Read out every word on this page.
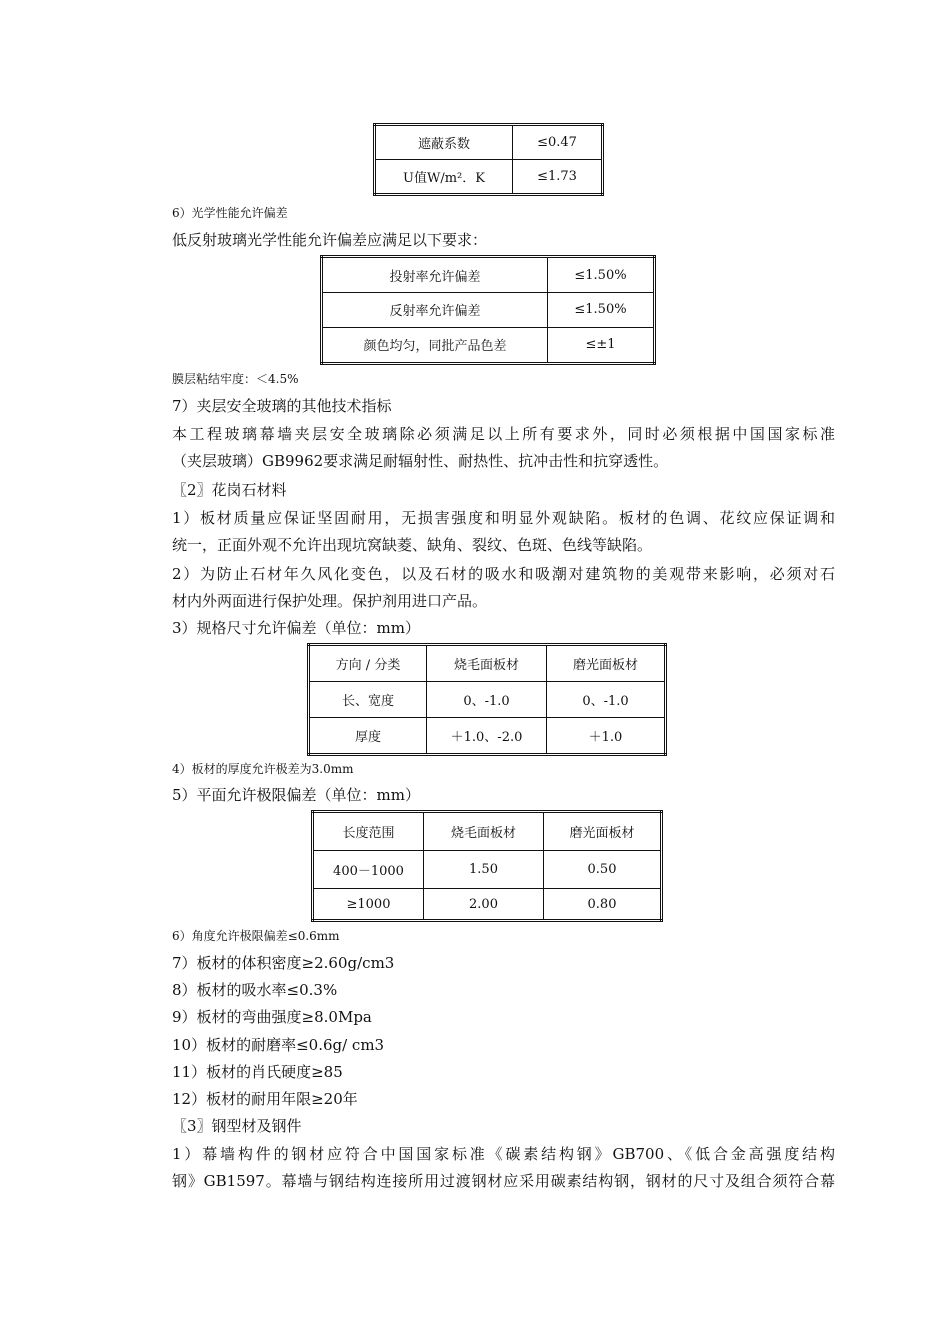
遮蔽系数	≤0.47
U值W/m²．K	≤1.73
6）光学性能允许偏差
低反射玻璃光学性能允许偏差应满足以下要求：
投射率允许偏差	≤1.50%
反射率允许偏差	≤1.50%
颜色均匀，同批产品色差	≤±1
膜层粘结牢度：＜4.5%
7）夹层安全玻璃的其他技术指标
本工程玻璃幕墙夹层安全玻璃除必须满足以上所有要求外，同时必须根据中国国家标准
（夹层玻璃）GB9962要求满足耐辐射性、耐热性、抗冲击性和抗穿透性。
〖2〗花岗石材料
1）板材质量应保证坚固耐用，无损害强度和明显外观缺陷。板材的色调、花纹应保证调和
统一，正面外观不允许出现坑窝缺菱、缺角、裂纹、色斑、色线等缺陷。
2）为防止石材年久风化变色，以及石材的吸水和吸潮对建筑物的美观带来影响，必须对石
材内外两面进行保护处理。保护剂用进口产品。
3）规格尺寸允许偏差（单位：mm）
方向 / 分类	烧毛面板材	磨光面板材
长、宽度	0、-1.0	0、-1.0
厚度	＋1.0、-2.0	＋1.0
4）板材的厚度允许极差为3.0mm
5）平面允许极限偏差（单位：mm）
长度范围	烧毛面板材	磨光面板材
400－1000	1.50	0.50
≥1000	2.00	0.80
6）角度允许极限偏差≤0.6mm
7）板材的体积密度≥2.60g/cm3
8）板材的吸水率≤0.3%
9）板材的弯曲强度≥8.0Mpa
10）板材的耐磨率≤0.6g/ cm3
11）板材的肖氏硬度≥85
12）板材的耐用年限≥20年
〖3〗钢型材及钢件
1）幕墙构件的钢材应符合中国国家标准《碳素结构钢》GB700、《低合金高强度结构
钢》GB1597。幕墙与钢结构连接所用过渡钢材应采用碳素结构钢，钢材的尺寸及组合须符合幕
